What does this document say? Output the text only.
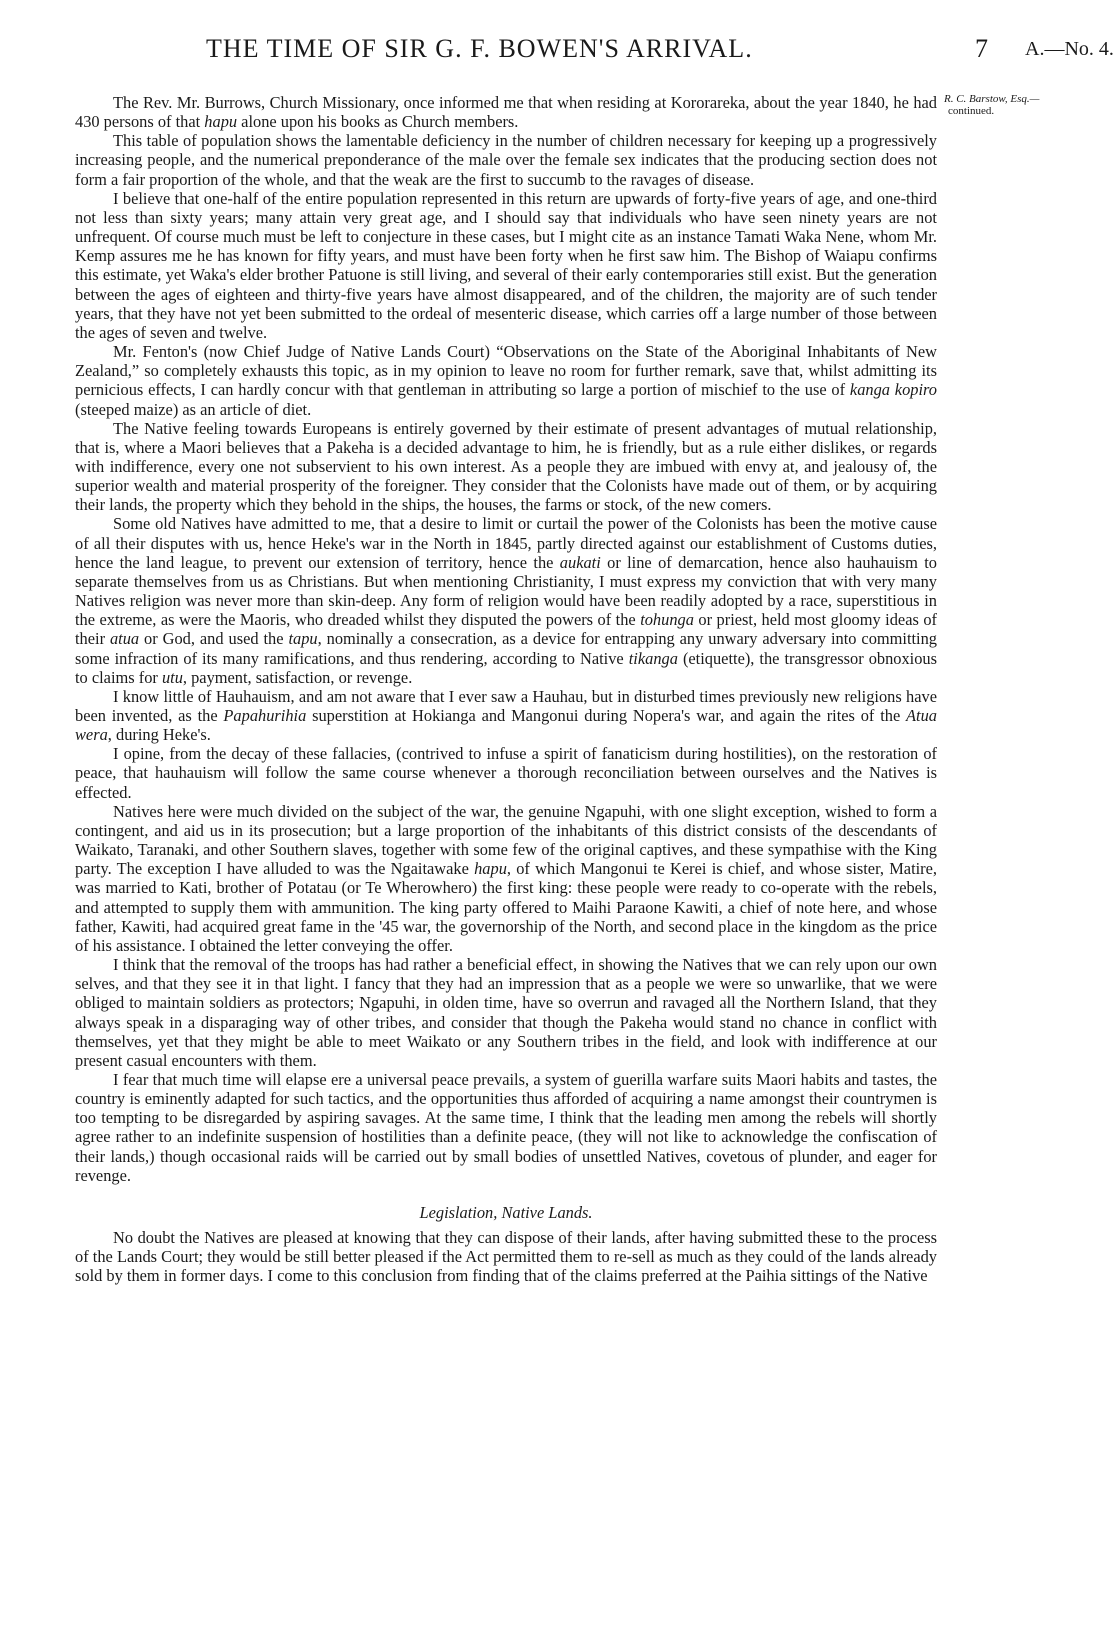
THE TIME OF SIR G. F. BOWEN'S ARRIVAL.	7 A.—No. 4.
R. C. Barstow, Esq.—
continued.

The Rev. Mr. Burrows, Church Missionary, once informed me that when residing at Kororareka, about the year 1840, he had 430 persons of that hapu alone upon his books as Church members.

This table of population shows the lamentable deficiency in the number of children necessary for keeping up a progressively increasing people, and the numerical preponderance of the male over the female sex indicates that the producing section does not form a fair proportion of the whole, and that the weak are the first to succumb to the ravages of disease.

I believe that one-half of the entire population represented in this return are upwards of forty-five years of age, and one-third not less than sixty years; many attain very great age, and I should say that individuals who have seen ninety years are not unfrequent. Of course much must be left to conjecture in these cases, but I might cite as an instance Tamati Waka Nene, whom Mr. Kemp assures me he has known for fifty years, and must have been forty when he first saw him. The Bishop of Waiapu confirms this estimate, yet Waka's elder brother Patuone is still living, and several of their early contemporaries still exist. But the generation between the ages of eighteen and thirty-five years have almost disappeared, and of the children, the majority are of such tender years, that they have not yet been submitted to the ordeal of mesenteric disease, which carries off a large number of those between the ages of seven and twelve.

Mr. Fenton's (now Chief Judge of Native Lands Court) “Observations on the State of the Aboriginal Inhabitants of New Zealand,” so completely exhausts this topic, as in my opinion to leave no room for further remark, save that, whilst admitting its pernicious effects, I can hardly concur with that gentleman in attributing so large a portion of mischief to the use of kanga kopiro (steeped maize) as an article of diet.

The Native feeling towards Europeans is entirely governed by their estimate of present advantages of mutual relationship, that is, where a Maori believes that a Pakeha is a decided advantage to him, he is friendly, but as a rule either dislikes, or regards with indifference, every one not subservient to his own interest. As a people they are imbued with envy at, and jealousy of, the superior wealth and material prosperity of the foreigner. They consider that the Colonists have made out of them, or by acquiring their lands, the property which they behold in the ships, the houses, the farms or stock, of the new comers.

Some old Natives have admitted to me, that a desire to limit or curtail the power of the Colonists has been the motive cause of all their disputes with us, hence Heke's war in the North in 1845, partly directed against our establishment of Customs duties, hence the land league, to prevent our extension of territory, hence the aukati or line of demarcation, hence also hauhauism to separate themselves from us as Christians. But when mentioning Christianity, I must express my conviction that with very many Natives religion was never more than skin-deep. Any form of religion would have been readily adopted by a race, superstitious in the extreme, as were the Maoris, who dreaded whilst they disputed the powers of the tohunga or priest, held most gloomy ideas of their atua or God, and used the tapu, nominally a consecration, as a device for entrapping any unwary adversary into committing some infraction of its many ramifications, and thus rendering, according to Native tikanga (etiquette), the transgressor obnoxious to claims for utu, payment, satisfaction, or revenge.

I know little of Hauhauism, and am not aware that I ever saw a Hauhau, but in disturbed times previously new religions have been invented, as the Papahurihia superstition at Hokianga and Mangonui during Nopera's war, and again the rites of the Atua wera, during Heke's.

I opine, from the decay of these fallacies, (contrived to infuse a spirit of fanaticism during hostilities), on the restoration of peace, that hauhauism will follow the same course whenever a thorough reconciliation between ourselves and the Natives is effected.

Natives here were much divided on the subject of the war, the genuine Ngapuhi, with one slight exception, wished to form a contingent, and aid us in its prosecution; but a large proportion of the inhabitants of this district consists of the descendants of Waikato, Taranaki, and other Southern slaves, together with some few of the original captives, and these sympathise with the King party. The exception I have alluded to was the Ngaitawake hapu, of which Mangonui te Kerei is chief, and whose sister, Matire, was married to Kati, brother of Potatau (or Te Wherowhero) the first king: these people were ready to co-operate with the rebels, and attempted to supply them with ammunition. The king party offered to Maihi Paraone Kawiti, a chief of note here, and whose father, Kawiti, had acquired great fame in the '45 war, the governorship of the North, and second place in the kingdom as the price of his assistance. I obtained the letter conveying the offer.

I think that the removal of the troops has had rather a beneficial effect, in showing the Natives that we can rely upon our own selves, and that they see it in that light. I fancy that they had an impression that as a people we were so unwarlike, that we were obliged to maintain soldiers as protectors; Ngapuhi, in olden time, have so overrun and ravaged all the Northern Island, that they always speak in a disparaging way of other tribes, and consider that though the Pakeha would stand no chance in conflict with themselves, yet that they might be able to meet Waikato or any Southern tribes in the field, and look with indifference at our present casual encounters with them.

I fear that much time will elapse ere a universal peace prevails, a system of guerilla warfare suits Maori habits and tastes, the country is eminently adapted for such tactics, and the opportunities thus afforded of acquiring a name amongst their countrymen is too tempting to be disregarded by aspiring savages. At the same time, I think that the leading men among the rebels will shortly agree rather to an indefinite suspension of hostilities than a definite peace, (they will not like to acknowledge the confiscation of their lands,) though occasional raids will be carried out by small bodies of unsettled Natives, covetous of plunder, and eager for revenge.

Legislation, Native Lands.

No doubt the Natives are pleased at knowing that they can dispose of their lands, after having submitted these to the process of the Lands Court; they would be still better pleased if the Act permitted them to re-sell as much as they could of the lands already sold by them in former days. I come to this conclusion from finding that of the claims preferred at the Paihia sittings of the Native
